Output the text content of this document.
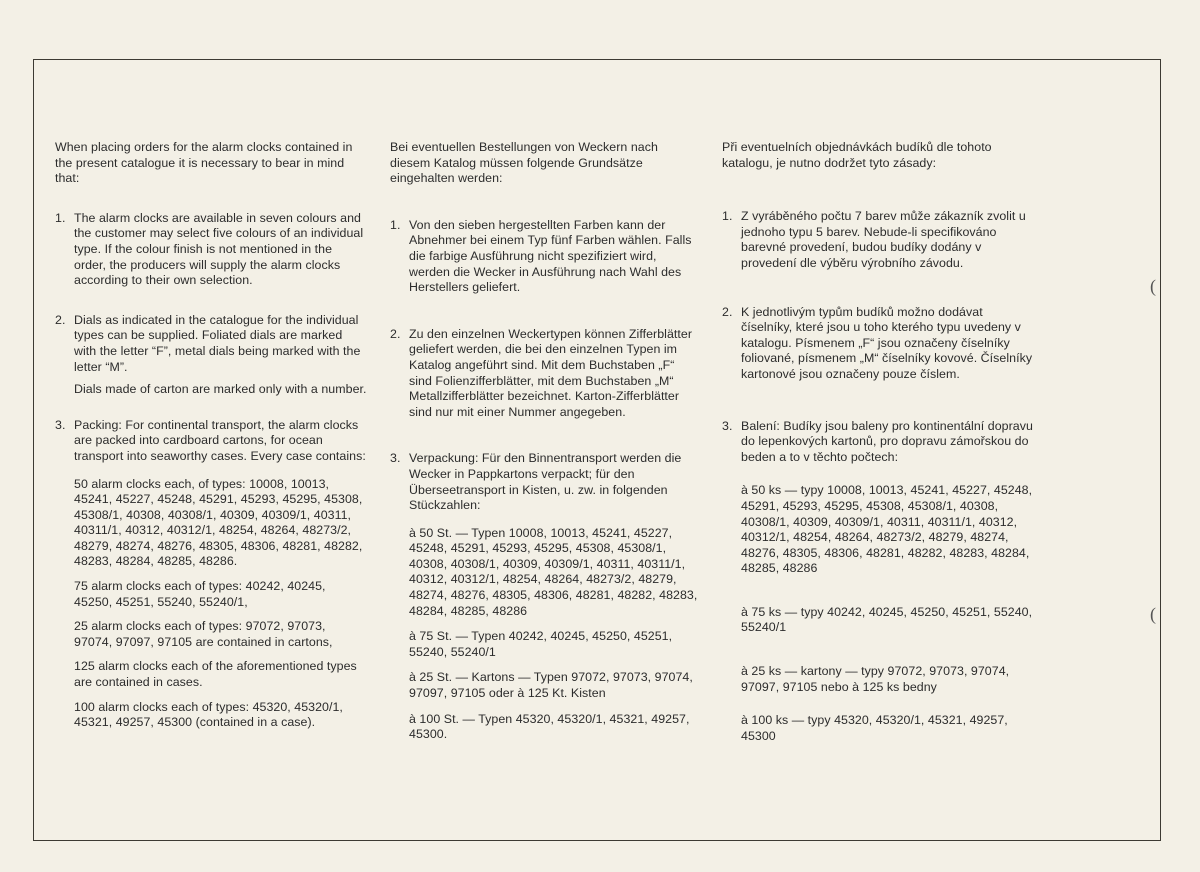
(
(

When placing orders for the alarm clocks contained in the present catalogue it is necessary to bear in mind that:

1. The alarm clocks are available in seven colours and the customer may select five colours of an individual type. If the colour finish is not mentioned in the order, the producers will supply the alarm clocks according to their own selection.

2. Dials as indicated in the catalogue for the individual types can be supplied. Foliated dials are marked with the letter “F”, metal dials being marked with the letter “M”.

Dials made of carton are marked only with a number.

3. Packing: For continental transport, the alarm clocks are packed into cardboard cartons, for ocean transport into seaworthy cases. Every case contains:

50 alarm clocks each, of types: 10008, 10013, 45241, 45227, 45248, 45291, 45293, 45295, 45308, 45308/1, 40308, 40308/1, 40309, 40309/1, 40311, 40311/1, 40312, 40312/1, 48254, 48264, 48273/2, 48279, 48274, 48276, 48305, 48306, 48281, 48282, 48283, 48284, 48285, 48286.

75 alarm clocks each of types: 40242, 40245, 45250, 45251, 55240, 55240/1,

25 alarm clocks each of types: 97072, 97073, 97074, 97097, 97105 are contained in cartons,

125 alarm clocks each of the aforementioned types are contained in cases.

100 alarm clocks each of types: 45320, 45320/1, 45321, 49257, 45300 (contained in a case).

Bei eventuellen Bestellungen von Weckern nach diesem Katalog müssen folgende Grundsätze eingehalten werden:

1. Von den sieben hergestellten Farben kann der Abnehmer bei einem Typ fünf Farben wählen. Falls die farbige Ausführung nicht spezifiziert wird, werden die Wecker in Ausführung nach Wahl des Herstellers geliefert.

2. Zu den einzelnen Weckertypen können Zifferblätter geliefert werden, die bei den einzelnen Typen im Katalog angeführt sind. Mit dem Buchstaben „F“ sind Folienzifferblätter, mit dem Buchstaben „M“ Metallzifferblätter bezeichnet. Karton-Zifferblätter sind nur mit einer Nummer angegeben.

3. Verpackung: Für den Binnentransport werden die Wecker in Pappkartons verpackt; für den Überseetransport in Kisten, u. zw. in folgenden Stückzahlen:

à 50 St. — Typen 10008, 10013, 45241, 45227, 45248, 45291, 45293, 45295, 45308, 45308/1, 40308, 40308/1, 40309, 40309/1, 40311, 40311/1, 40312, 40312/1, 48254, 48264, 48273/2, 48279, 48274, 48276, 48305, 48306, 48281, 48282, 48283, 48284, 48285, 48286

à 75 St. — Typen 40242, 40245, 45250, 45251, 55240, 55240/1

à 25 St. — Kartons — Typen 97072, 97073, 97074, 97097, 97105 oder à 125 Kt. Kisten

à 100 St. — Typen 45320, 45320/1, 45321, 49257, 45300.

Při eventuelních objednávkách budíků dle tohoto katalogu, je nutno dodržet tyto zásady:

1. Z vyráběného počtu 7 barev může zákazník zvolit u jednoho typu 5 barev. Nebude-li specifikováno barevné provedení, budou budíky dodány v provedení dle výběru výrobního závodu.

2. K jednotlivým typům budíků možno dodávat číselníky, které jsou u toho kterého typu uvedeny v katalogu. Písmenem „F“ jsou označeny číselníky foliované, písmenem „M“ číselníky kovové. Číselníky kartonové jsou označeny pouze číslem.

3. Balení: Budíky jsou baleny pro kontinentální dopravu do lepenkových kartonů, pro dopravu zámořskou do beden a to v těchto počtech:

à 50 ks — typy 10008, 10013, 45241, 45227, 45248, 45291, 45293, 45295, 45308, 45308/1, 40308, 40308/1, 40309, 40309/1, 40311, 40311/1, 40312, 40312/1, 48254, 48264, 48273/2, 48279, 48274, 48276, 48305, 48306, 48281, 48282, 48283, 48284, 48285, 48286

à 75 ks — typy 40242, 40245, 45250, 45251, 55240, 55240/1

à 25 ks — kartony — typy 97072, 97073, 97074, 97097, 97105 nebo à 125 ks bedny

à 100 ks — typy 45320, 45320/1, 45321, 49257, 45300
